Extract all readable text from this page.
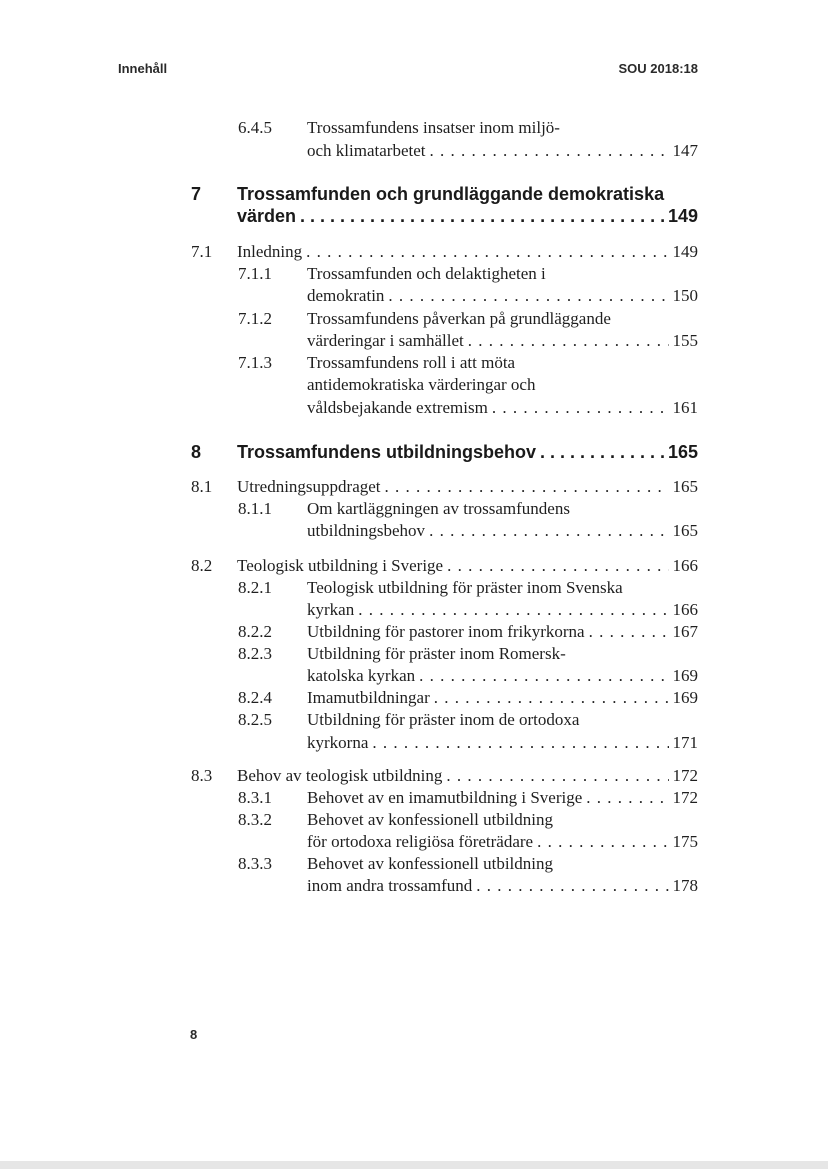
Innehåll	SOU 2018:18
6.4.5 Trossamfundens insatser inom miljö-
och klimatarbetet . . .	147
7 Trossamfunden och grundläggande demokratiska
värden . . .	149
7.1 Inledning . . .	149
7.1.1 Trossamfunden och delaktigheten i
demokratin . . .	150
7.1.2 Trossamfundens påverkan på grundläggande
värderingar i samhället . . .	155
7.1.3 Trossamfundens roll i att möta
antidemokratiska värderingar och
våldsbejakande extremism . . .	161
8 Trossamfundens utbildningsbehov . . .	165
8.1 Utredningsuppdraget . . .	165
8.1.1 Om kartläggningen av trossamfundens
utbildningsbehov . . .	165
8.2 Teologisk utbildning i Sverige . . .	166
8.2.1 Teologisk utbildning för präster inom Svenska
kyrkan . . .	166
8.2.2 Utbildning för pastorer inom frikyrkorna . . .	167
8.2.3 Utbildning för präster inom Romersk-
katolska kyrkan . . .	169
8.2.4 Imamutbildningar . . .	169
8.2.5 Utbildning för präster inom de ortodoxa
kyrkorna . . .	171
8.3 Behov av teologisk utbildning . . .	172
8.3.1 Behovet av en imamutbildning i Sverige . . .	172
8.3.2 Behovet av konfessionell utbildning
för ortodoxa religiösa företrädare . . .	175
8.3.3 Behovet av konfessionell utbildning
inom andra trossamfund . . .	178
8
